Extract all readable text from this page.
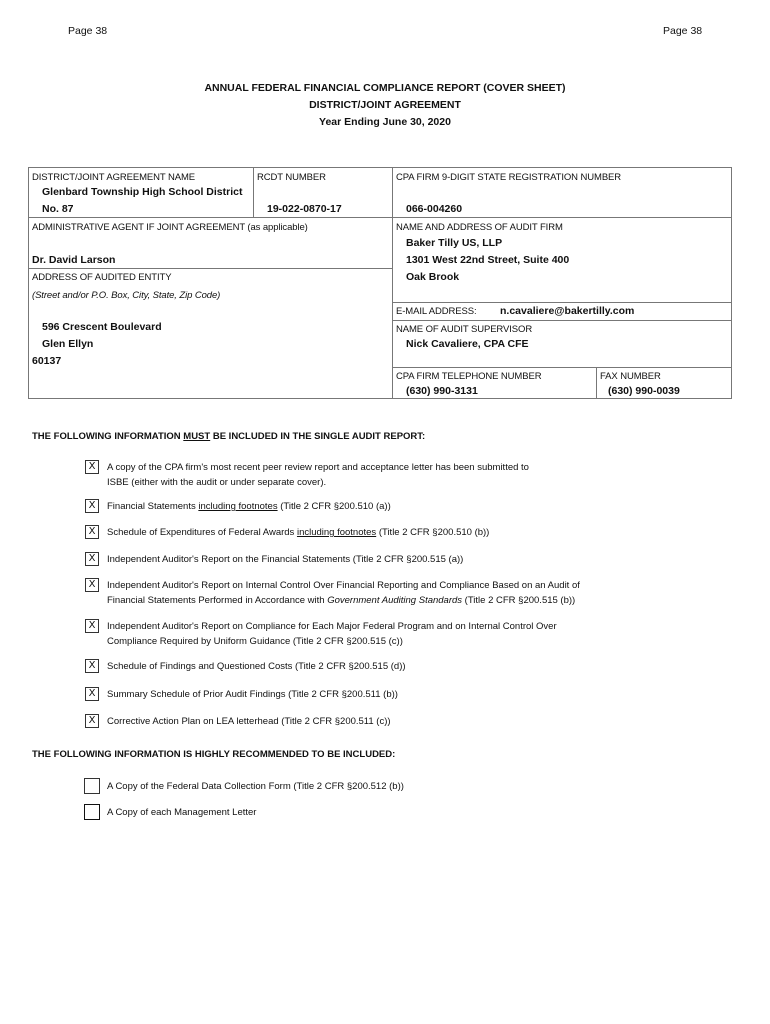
Page 38	Page 38
ANNUAL FEDERAL FINANCIAL COMPLIANCE REPORT (COVER SHEET)
DISTRICT/JOINT AGREEMENT
Year Ending June 30, 2020
DISTRICT/JOINT AGREEMENT NAME
Glenbard Township High School District
No. 87
RCDT NUMBER
19-022-0870-17
CPA FIRM 9-DIGIT STATE REGISTRATION NUMBER
066-004260
ADMINISTRATIVE AGENT IF JOINT AGREEMENT (as applicable)
Dr. David Larson
NAME AND ADDRESS OF AUDIT FIRM
Baker Tilly US, LLP
1301 West 22nd Street, Suite 400
Oak Brook
ADDRESS OF AUDITED ENTITY
(Street and/or P.O. Box, City, State, Zip Code)
596 Crescent Boulevard
Glen Ellyn
60137
E-MAIL ADDRESS: n.cavaliere@bakertilly.com
NAME OF AUDIT SUPERVISOR
Nick Cavaliere, CPA CFE
CPA FIRM TELEPHONE NUMBER
(630) 990-3131
FAX NUMBER
(630) 990-0039
THE FOLLOWING INFORMATION MUST BE INCLUDED IN THE SINGLE AUDIT REPORT:
X	A copy of the CPA firm's most recent peer review report and acceptance letter has been submitted to
ISBE (either with the audit or under separate cover).
X	Financial Statements including footnotes (Title 2 CFR §200.510 (a))
X	Schedule of Expenditures of Federal Awards including footnotes (Title 2 CFR §200.510 (b))
X	Independent Auditor's Report on the Financial Statements (Title 2 CFR §200.515 (a))
X	Independent Auditor's Report on Internal Control Over Financial Reporting and Compliance Based on an Audit of
Financial Statements Performed in Accordance with Government Auditing Standards (Title 2 CFR §200.515 (b))
X	Independent Auditor's Report on Compliance for Each Major Federal Program and on Internal Control Over
Compliance Required by Uniform Guidance (Title 2 CFR §200.515 (c))
X	Schedule of Findings and Questioned Costs (Title 2 CFR §200.515 (d))
X	Summary Schedule of Prior Audit Findings (Title 2 CFR §200.511 (b))
X	Corrective Action Plan on LEA letterhead (Title 2 CFR §200.511 (c))
THE FOLLOWING INFORMATION IS HIGHLY RECOMMENDED TO BE INCLUDED:
A Copy of the Federal Data Collection Form (Title 2 CFR §200.512 (b))
A Copy of each Management Letter
